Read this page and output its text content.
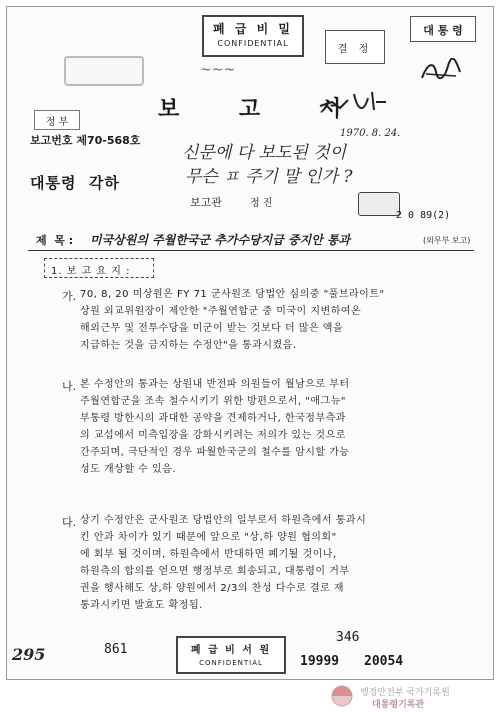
~~~
폐 급 비 밀
CONFIDENTIAL
결 정
대 통 령
보 고 서
정 부
보고번호 제70-568호
1970. 8. 24.
신문에 다 보도된 것이
무슨 ㅍ 주기 말 인가 ?
대통령  각하
보고관	정 진
2 0 89(2)
제  목 : 미국상원의 주월한국군 추가수당지급 중지안 통과	(외무부 보고)
1. 보 고 요 지 :
가. 70, 8, 20 미상원은 FY 71 군사원조 당법안 심의중 "풀브라이트"
상원 외교위원장이 제안한 "주월연합군 중 미국이 지변하여온
해외근무 및 전투수당을 미군이 받는 것보다 더 많은 액을
지급하는 것을 금지하는 수정안"을 통과시켰음.
나. 본 수정안의 통과는 상원내 반전파 의원들이 월남으로 부터
주월연합군을 조속 철수시키기 위한 방편으로서, "애그뉴"
부통령 방한시의 과대한 공약을 견제하거나, 한국정부측과
의 교섭에서 미측입장을 강화시키려는 저의가 있는 것으로
간주되며, 극단적인 경우 파월한국군의 철수를 암시할 가능
성도 개상할 수 있음.
다. 상기 수정안은 군사원조 당법안의 일부로서 하원측에서 통과시
킨 안과 차이가 있기 때문에 앞으로 "상,하 양원 협의회"
에 회부 될 것이며, 하원측에서 반대하면 폐기될 것이나,
하원측의 합의를 얻으면 행정부로 회송되고, 대통령이 거부
권을 행사해도 상,하 양원에서 2/3의 찬성 다수로 결로 재
통과시키면 발효도 확정됨.
861	폐 급 비 서 원
CONFIDENTIAL
346
19999 20054
295
행정안전부 국가기록원
대통령기록관
